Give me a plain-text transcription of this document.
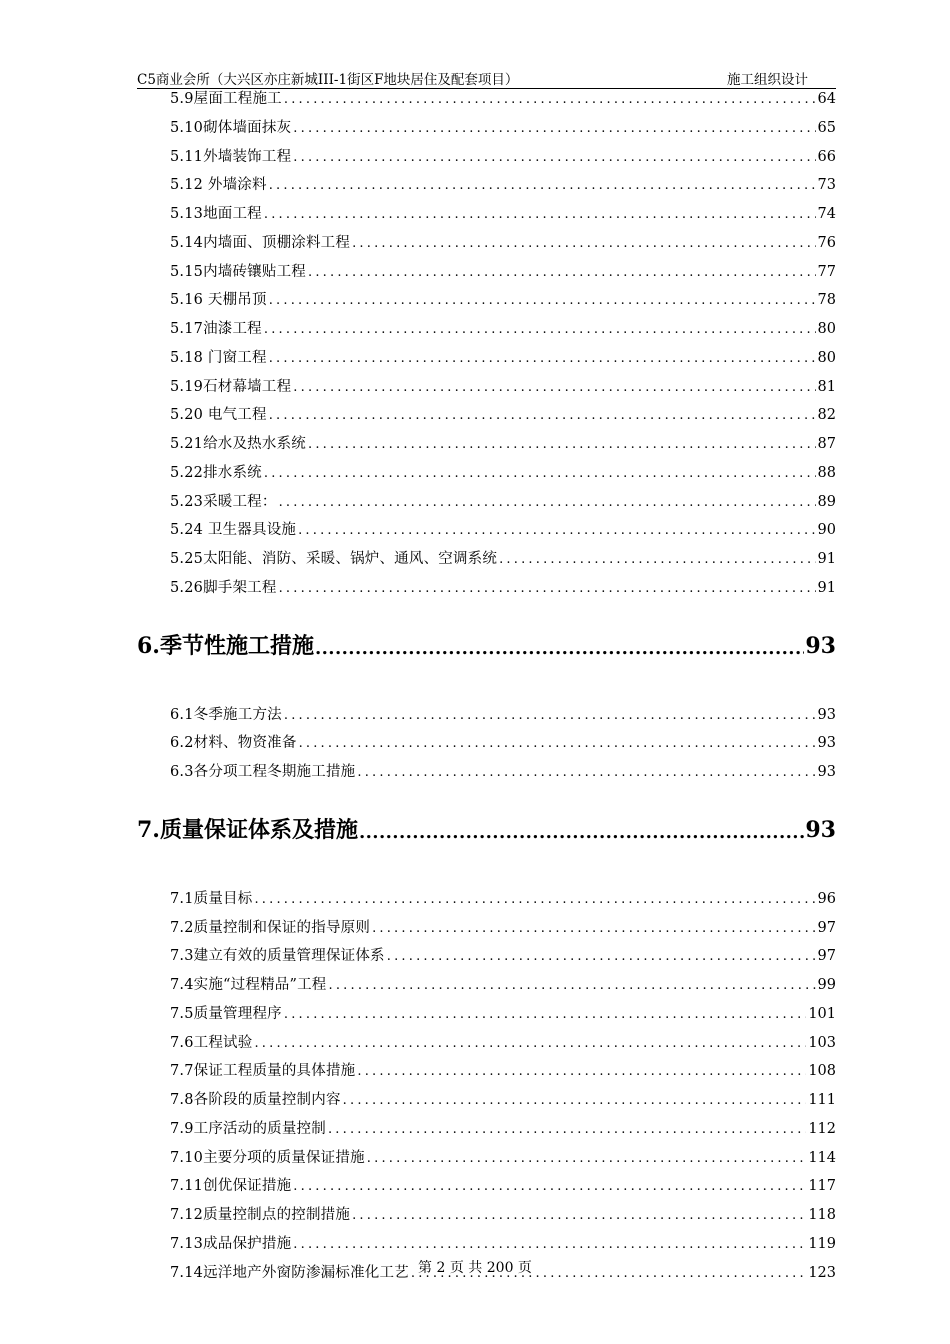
C5商业会所（大兴区亦庄新城III-1街区F地块居住及配套项目）	施工组织设计
5.9屋面工程施工 .....	64
5.10砌体墙面抹灰 .....	65
5.11外墙装饰工程 .....	66
5.12 外墙涂料 .....	73
5.13地面工程 .....	74
5.14内墙面、顶棚涂料工程 .....	76
5.15内墙砖镶贴工程 .....	77
5.16 天棚吊顶 .....	78
5.17油漆工程 .....	80
5.18 门窗工程 .....	80
5.19石材幕墙工程 .....	81
5.20 电气工程 .....	82
5.21给水及热水系统 .....	87
5.22排水系统 .....	88
5.23采暖工程： .....	89
5.24 卫生器具设施 .....	90
5.25太阳能、消防、采暖、锅炉、通风、空调系统 .....	91
5.26脚手架工程 .....	91
6.季节性施工措施 .....	93
6.1冬季施工方法 .....	93
6.2材料、物资准备 .....	93
6.3各分项工程冬期施工措施 .....	93
7.质量保证体系及措施 .....	93
7.1质量目标 .....	96
7.2质量控制和保证的指导原则 .....	97
7.3建立有效的质量管理保证体系 .....	97
7.4实施“过程精品”工程 .....	99
7.5质量管理程序 .....	101
7.6工程试验 .....	103
7.7保证工程质量的具体措施 .....	108
7.8各阶段的质量控制内容 .....	111
7.9工序活动的质量控制 .....	112
7.10主要分项的质量保证措施 .....	114
7.11创优保证措施 .....	117
7.12质量控制点的控制措施 .....	118
7.13成品保护措施 .....	119
7.14远洋地产外窗防渗漏标准化工艺 .....	123
第 2 页 共 200 页
